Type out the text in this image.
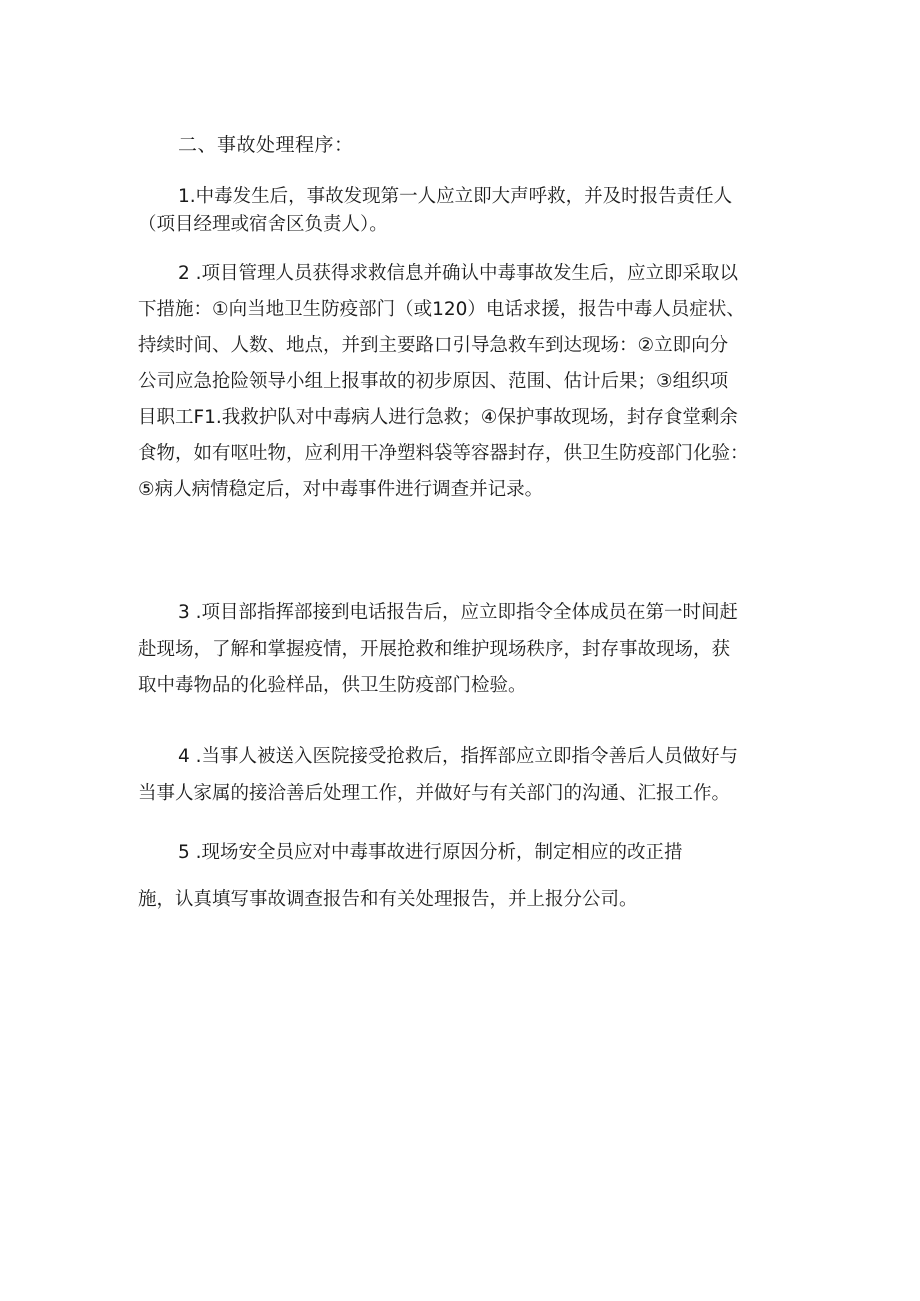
二、事故处理程序：
1.中毒发生后，事故发现第一人应立即大声呼救，并及时报告责任人
（项目经理或宿舍区负责人）。
2 .项目管理人员获得求救信息并确认中毒事故发生后，应立即采取以
下措施：①向当地卫生防疫部门（或120）电话求援，报告中毒人员症状、
持续时间、人数、地点，并到主要路口引导急救车到达现场：②立即向分
公司应急抢险领导小组上报事故的初步原因、范围、估计后果；③组织项
目职工F1.我救护队对中毒病人进行急救；④保护事故现场，封存食堂剩余
食物，如有呕吐物，应利用干净塑料袋等容器封存，供卫生防疫部门化验：
⑤病人病情稳定后，对中毒事件进行调查并记录。
3 .项目部指挥部接到电话报告后，应立即指令全体成员在第一时间赶
赴现场，了解和掌握疫情，开展抢救和维护现场秩序，封存事故现场，获
取中毒物品的化验样品，供卫生防疫部门检验。
4 .当事人被送入医院接受抢救后，指挥部应立即指令善后人员做好与
当事人家属的接洽善后处理工作，并做好与有关部门的沟通、汇报工作。
5 .现场安全员应对中毒事故进行原因分析，制定相应的改正措
施，认真填写事故调查报告和有关处理报告，并上报分公司。
